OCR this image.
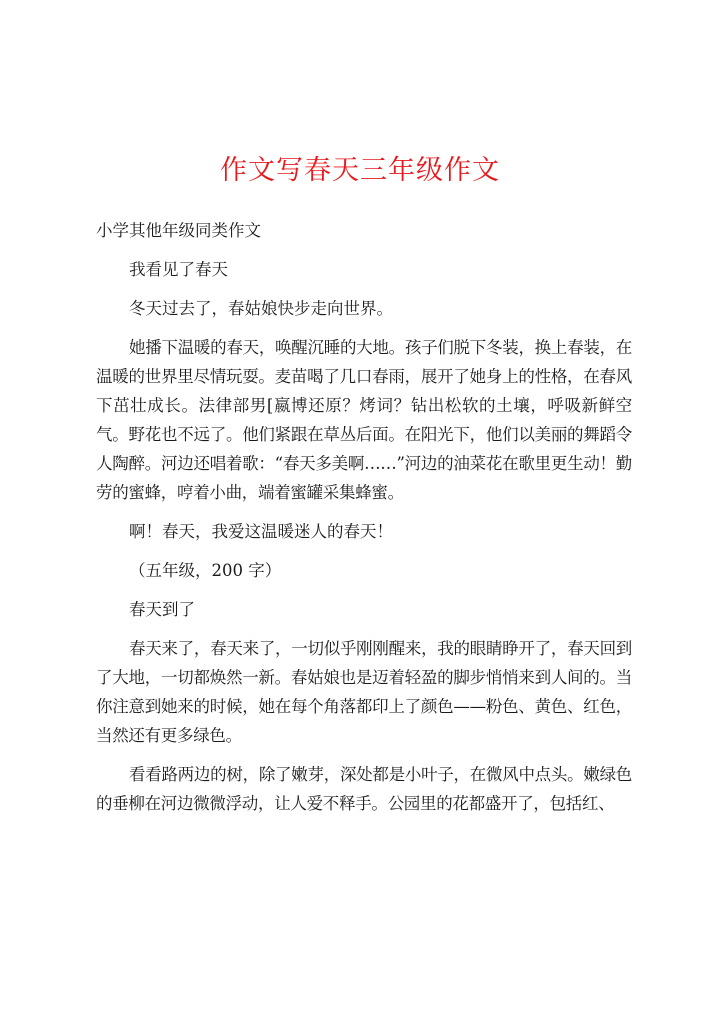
作文写春天三年级作文

小学其他年级同类作文

我看见了春天

冬天过去了，春姑娘快步走向世界。

她播下温暖的春天，唤醒沉睡的大地。孩子们脱下冬装，换上春装，在温暖的世界里尽情玩耍。麦苗喝了几口春雨，展开了她身上的性格，在春风下茁壮成长。法律部男[嬴博还原？烤词？钻出松软的土壤，呼吸新鲜空气。野花也不远了。他们紧跟在草丛后面。在阳光下，他们以美丽的舞蹈令人陶醉。河边还唱着歌：“春天多美啊……”河边的油菜花在歌里更生动！勤劳的蜜蜂，哼着小曲，端着蜜罐采集蜂蜜。

啊！春天，我爱这温暖迷人的春天！

（五年级，200 字）

春天到了

春天来了，春天来了，一切似乎刚刚醒来，我的眼睛睁开了，春天回到了大地，一切都焕然一新。春姑娘也是迈着轻盈的脚步悄悄来到人间的。当你注意到她来的时候，她在每个角落都印上了颜色——粉色、黄色、红色，当然还有更多绿色。

看看路两边的树，除了嫩芽，深处都是小叶子，在微风中点头。嫩绿色的垂柳在河边微微浮动，让人爱不释手。公园里的花都盛开了，包括红、
